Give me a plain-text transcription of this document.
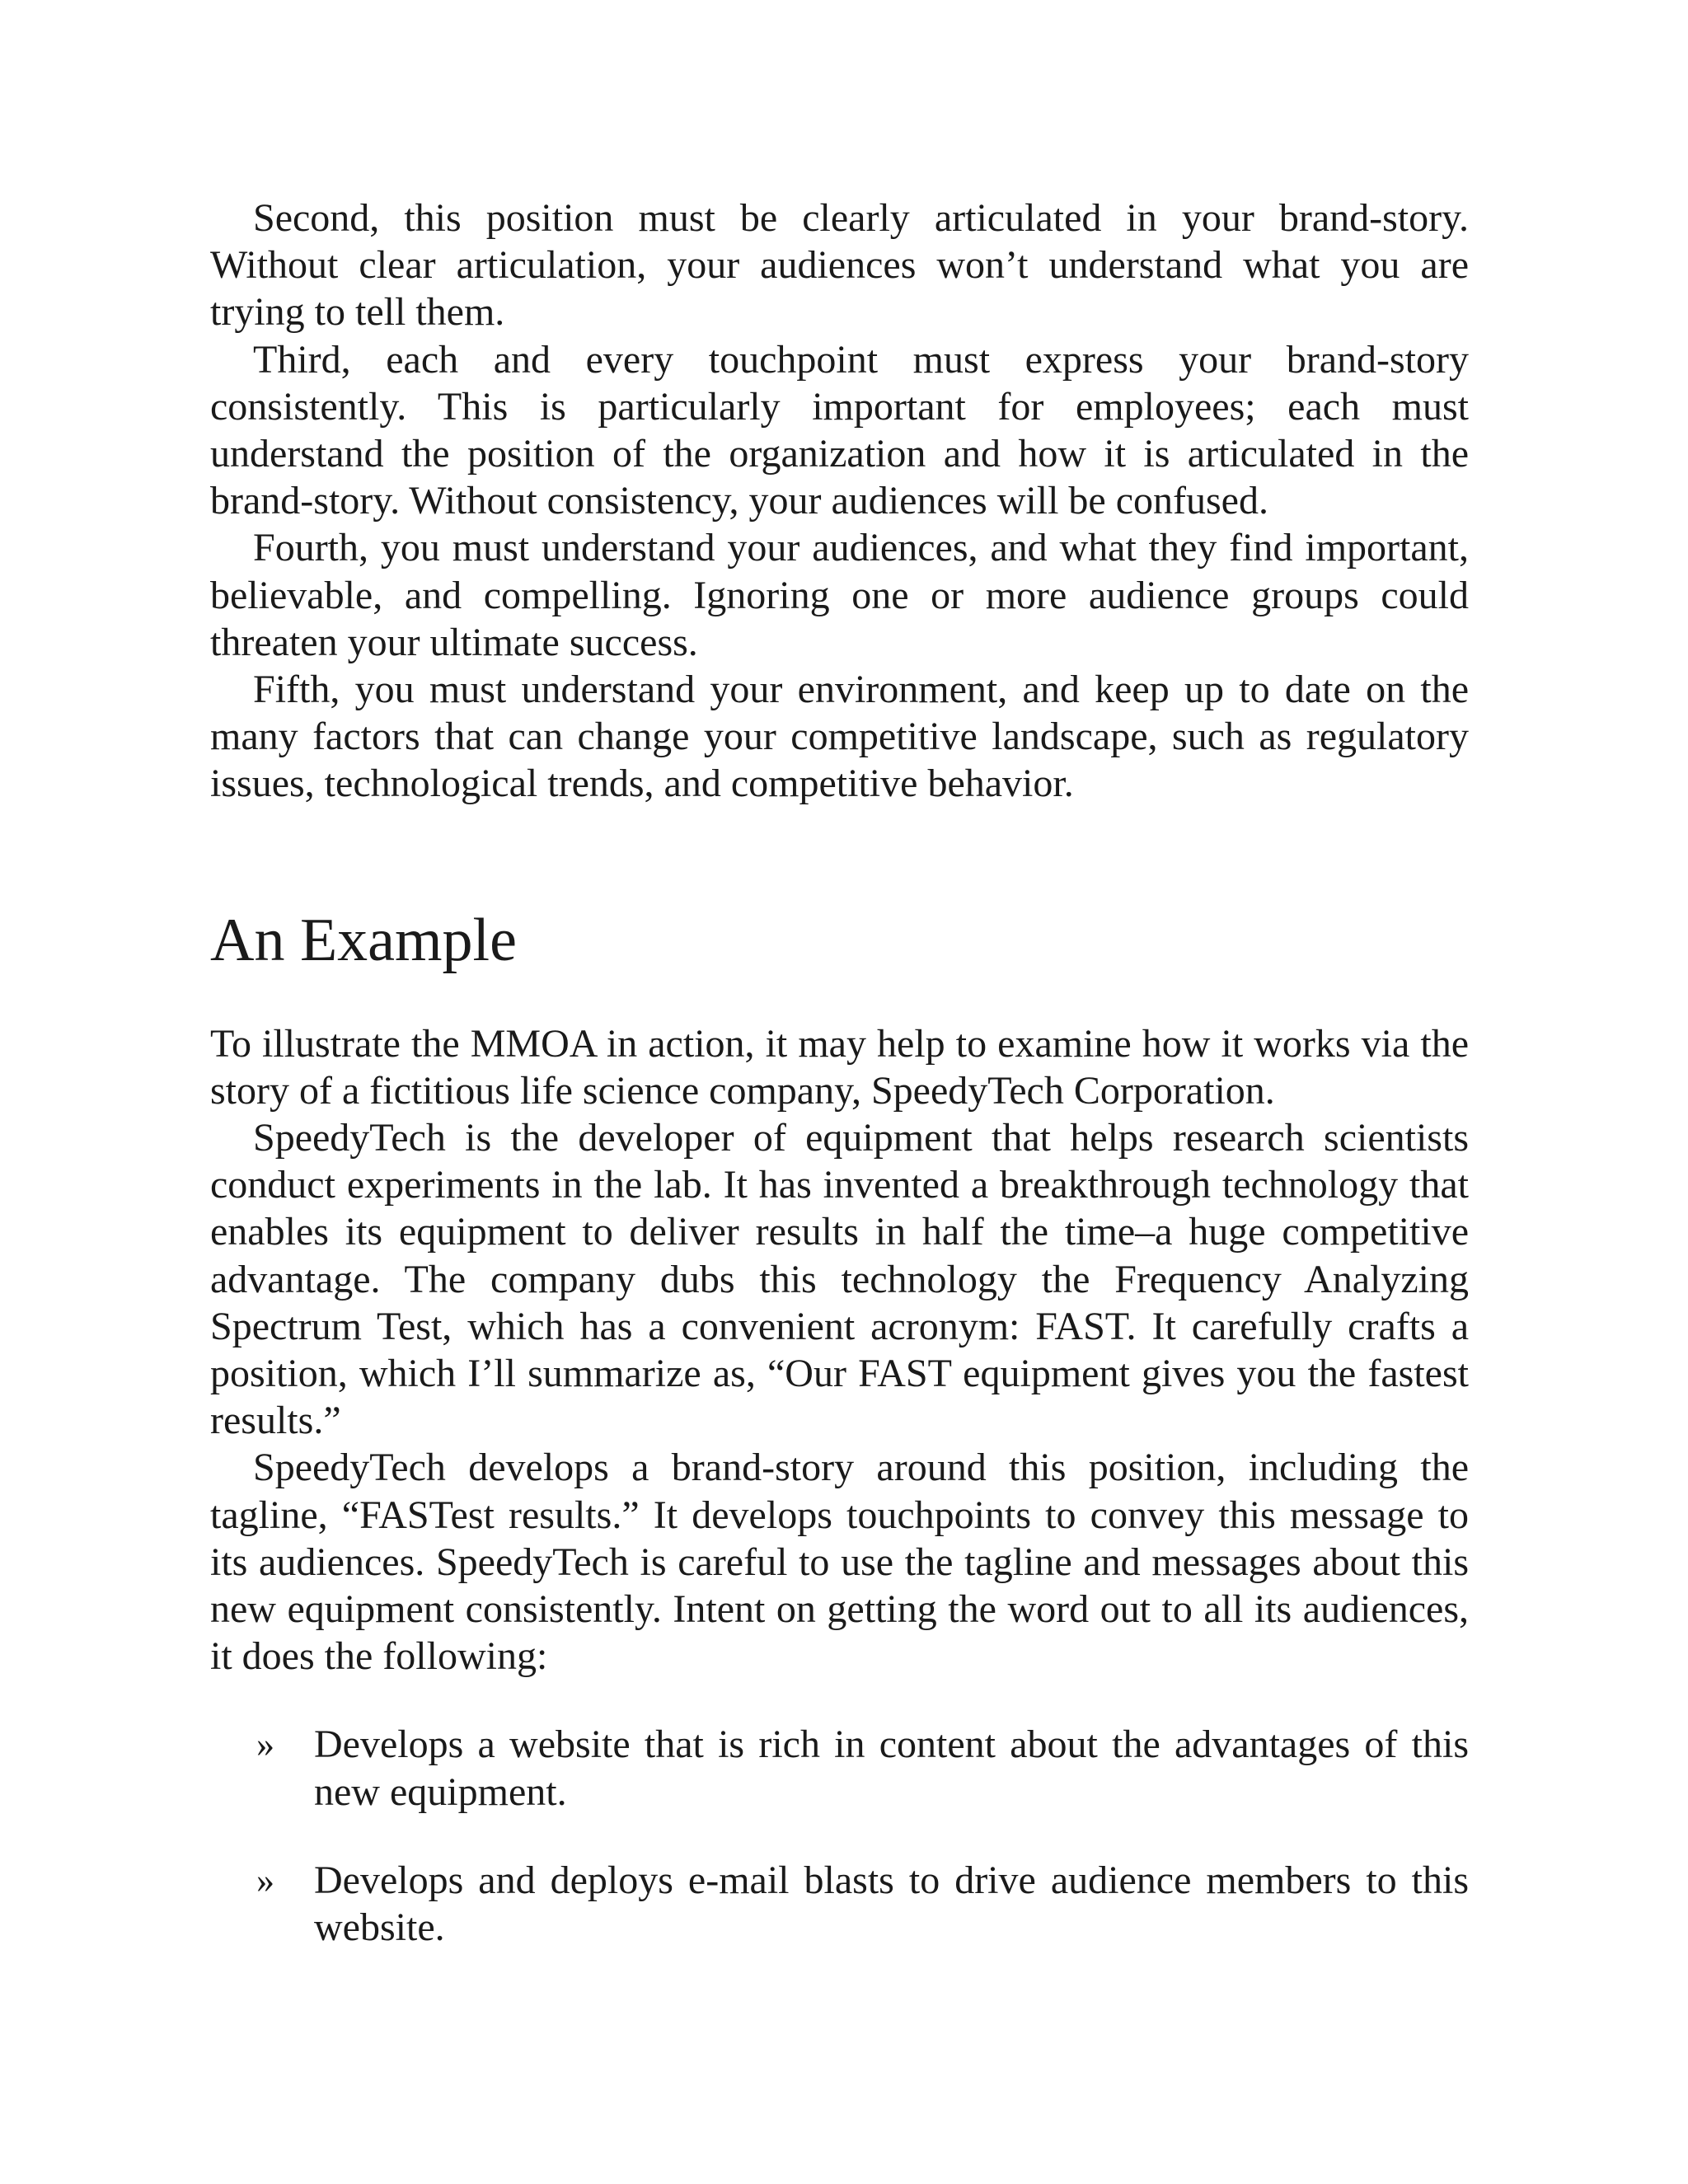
Second, this position must be clearly articulated in your brand-story. Without clear articulation, your audiences won’t understand what you are trying to tell them.

Third, each and every touchpoint must express your brand-story consistently. This is particularly important for employees; each must understand the position of the organization and how it is articulated in the brand-story. Without consistency, your audiences will be confused.

Fourth, you must understand your audiences, and what they find important, believable, and compelling. Ignoring one or more audience groups could threaten your ultimate success.

Fifth, you must understand your environment, and keep up to date on the many factors that can change your competitive landscape, such as regulatory issues, technological trends, and competitive behavior.

An Example

To illustrate the MMOA in action, it may help to examine how it works via the story of a fictitious life science company, SpeedyTech Corporation.

SpeedyTech is the developer of equipment that helps research scientists conduct experiments in the lab. It has invented a breakthrough technology that enables its equipment to deliver results in half the time–a huge competitive advantage. The company dubs this technology the Frequency Analyzing Spectrum Test, which has a convenient acronym: FAST. It carefully crafts a position, which I’ll summarize as, “Our FAST equipment gives you the fastest results.”

SpeedyTech develops a brand-story around this position, including the tagline, “FASTest results.” It develops touchpoints to convey this message to its audiences. SpeedyTech is careful to use the tagline and messages about this new equipment consistently. Intent on getting the word out to all its audiences, it does the following:

» Develops a website that is rich in content about the advantages of this new equipment.
» Develops and deploys e-mail blasts to drive audience members to this website.
